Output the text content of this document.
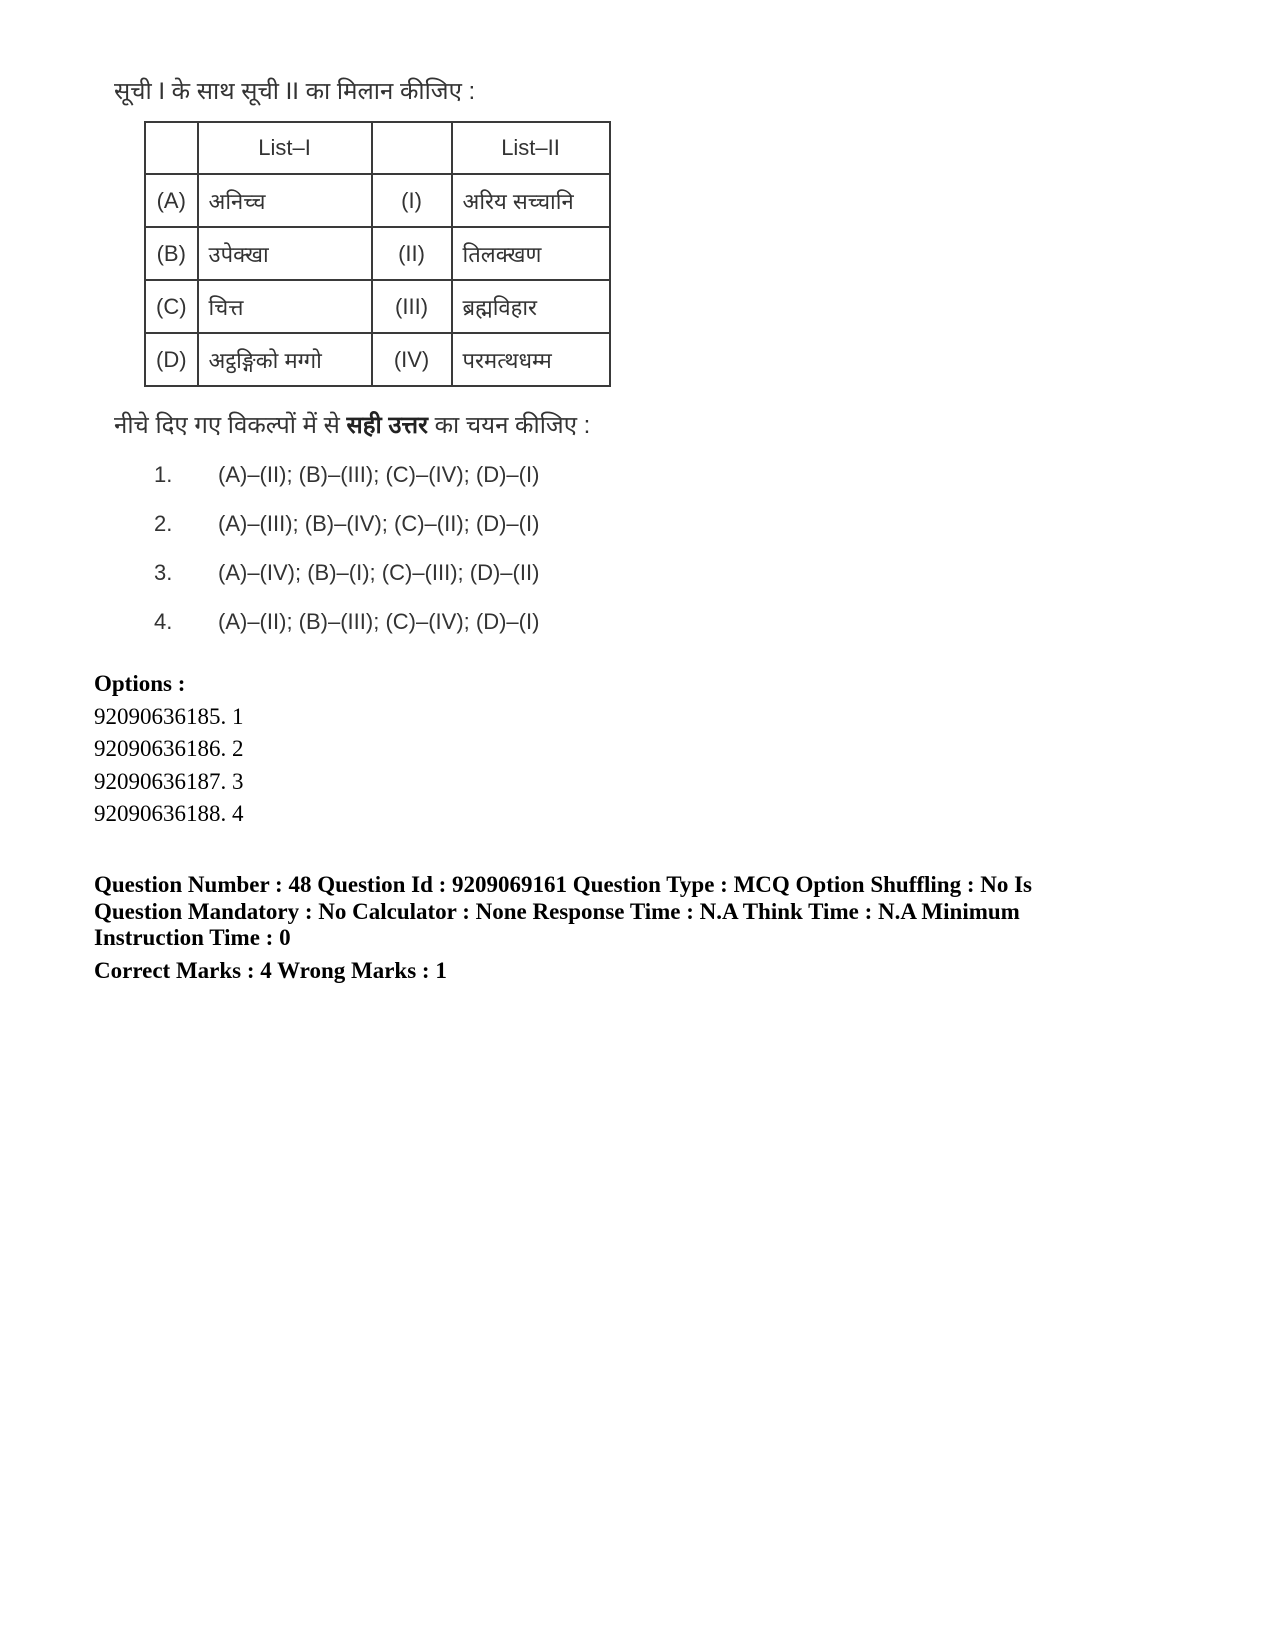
सूची I के साथ सूची II का मिलान कीजिए :
	List–I		List–II
(A)	अनिच्च	(I)	अरिय सच्चानि
(B)	उपेक्खा	(II)	तिलक्खण
(C)	चित्त	(III)	ब्रह्मविहार
(D)	अट्ठङ्गिको मग्गो	(IV)	परमत्थधम्म
नीचे दिए गए विकल्पों में से सही उत्तर का चयन कीजिए :
1.	(A)–(II); (B)–(III); (C)–(IV); (D)–(I)
2.	(A)–(III); (B)–(IV); (C)–(II); (D)–(I)
3.	(A)–(IV); (B)–(I); (C)–(III); (D)–(II)
4.	(A)–(II); (B)–(III); (C)–(IV); (D)–(I)
Options :
92090636185. 1
92090636186. 2
92090636187. 3
92090636188. 4
Question Number : 48 Question Id : 9209069161 Question Type : MCQ Option Shuffling : No Is Question Mandatory : No Calculator : None Response Time : N.A Think Time : N.A Minimum Instruction Time : 0
Correct Marks : 4 Wrong Marks : 1
